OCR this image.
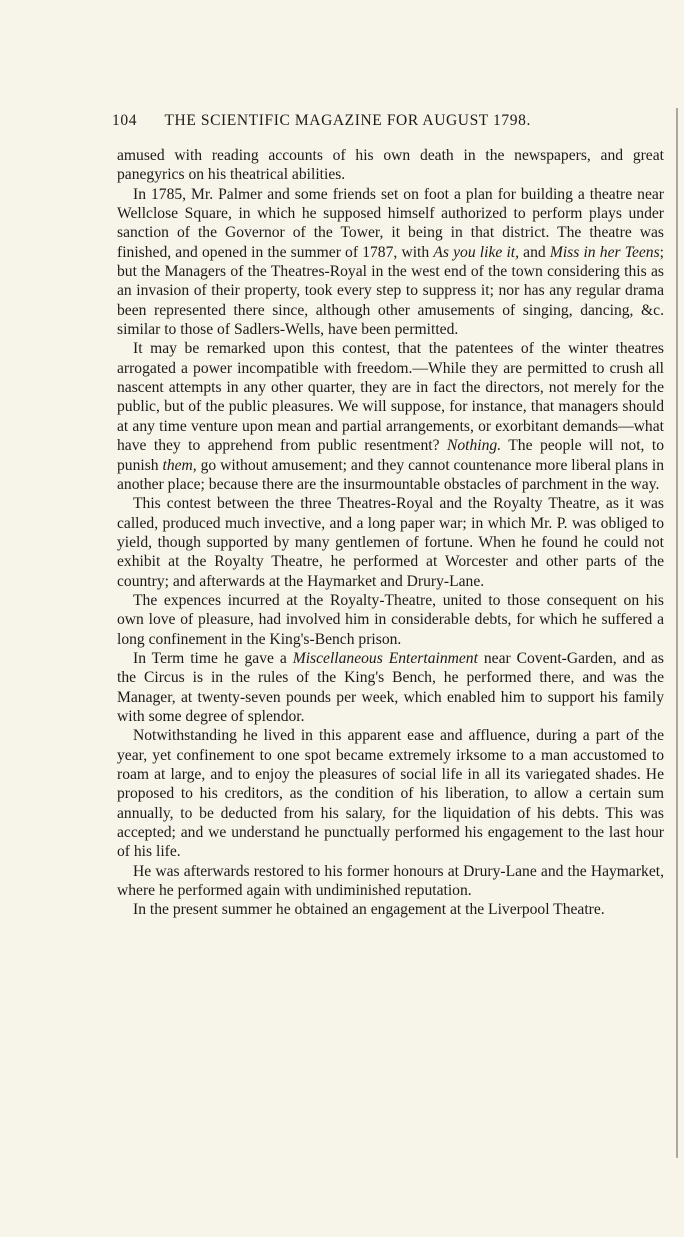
104 THE SCIENTIFIC MAGAZINE FOR AUGUST 1798.

amused with reading accounts of his own death in the newspapers, and great panegyrics on his theatrical abilities.

In 1785, Mr. Palmer and some friends set on foot a plan for building a theatre near Wellclose Square, in which he supposed himself authorized to perform plays under sanction of the Governor of the Tower, it being in that district. The theatre was finished, and opened in the summer of 1787, with As you like it, and Miss in her Teens; but the Managers of the Theatres-Royal in the west end of the town considering this as an invasion of their property, took every step to suppress it; nor has any regular drama been represented there since, although other amusements of singing, dancing, &c. similar to those of Sadlers-Wells, have been permitted.

It may be remarked upon this contest, that the patentees of the winter theatres arrogated a power incompatible with freedom.—While they are permitted to crush all nascent attempts in any other quarter, they are in fact the directors, not merely for the public, but of the public pleasures. We will suppose, for instance, that managers should at any time venture upon mean and partial arrangements, or exorbitant demands—what have they to apprehend from public resentment? Nothing. The people will not, to punish them, go without amusement; and they cannot countenance more liberal plans in another place; because there are the insurmountable obstacles of parchment in the way.

This contest between the three Theatres-Royal and the Royalty Theatre, as it was called, produced much invective, and a long paper war; in which Mr. P. was obliged to yield, though supported by many gentlemen of fortune. When he found he could not exhibit at the Royalty Theatre, he performed at Worcester and other parts of the country; and afterwards at the Haymarket and Drury-Lane.

The expences incurred at the Royalty-Theatre, united to those consequent on his own love of pleasure, had involved him in considerable debts, for which he suffered a long confinement in the King's-Bench prison.

In Term time he gave a Miscellaneous Entertainment near Covent-Garden, and as the Circus is in the rules of the King's Bench, he performed there, and was the Manager, at twenty-seven pounds per week, which enabled him to support his family with some degree of splendor.

Notwithstanding he lived in this apparent ease and affluence, during a part of the year, yet confinement to one spot became extremely irksome to a man accustomed to roam at large, and to enjoy the pleasures of social life in all its variegated shades. He proposed to his creditors, as the condition of his liberation, to allow a certain sum annually, to be deducted from his salary, for the liquidation of his debts. This was accepted; and we understand he punctually performed his engagement to the last hour of his life.

He was afterwards restored to his former honours at Drury-Lane and the Haymarket, where he performed again with undiminished reputation.

In the present summer he obtained an engagement at the Liverpool Theatre.
